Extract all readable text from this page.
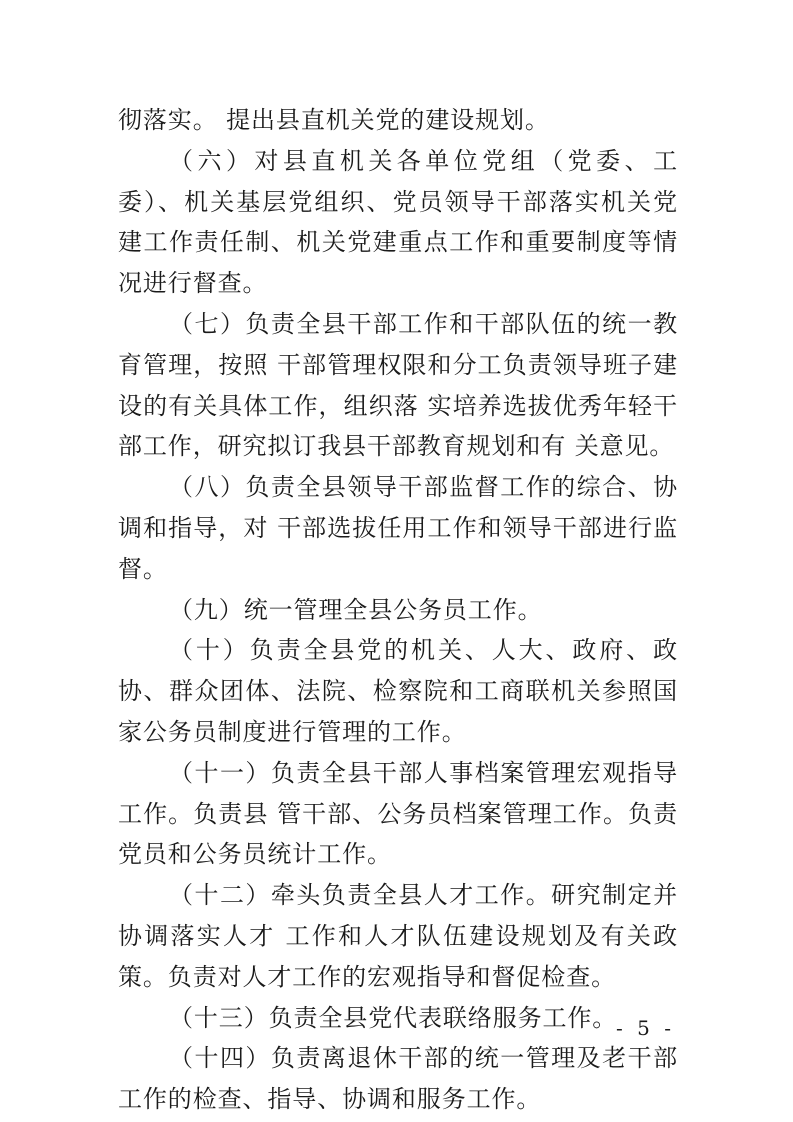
彻落实。 提出县直机关党的建设规划。

（六）对县直机关各单位党组（党委、工委）、机关基层党组织、党员领导干部落实机关党建工作责任制、机关党建重点工作和重要制度等情况进行督查。

（七）负责全县干部工作和干部队伍的统一教育管理，按照 干部管理权限和分工负责领导班子建设的有关具体工作，组织落 实培养选拔优秀年轻干部工作，研究拟订我县干部教育规划和有 关意见。

（八）负责全县领导干部监督工作的综合、协调和指导，对 干部选拔任用工作和领导干部进行监督。

（九）统一管理全县公务员工作。

（十）负责全县党的机关、人大、政府、政协、群众团体、法院、检察院和工商联机关参照国家公务员制度进行管理的工作。

（十一）负责全县干部人事档案管理宏观指导工作。负责县 管干部、公务员档案管理工作。负责党员和公务员统计工作。

（十二）牵头负责全县人才工作。研究制定并协调落实人才 工作和人才队伍建设规划及有关政策。负责对人才工作的宏观指导和督促检查。

（十三）负责全县党代表联络服务工作。

（十四）负责离退休干部的统一管理及老干部工作的检查、指导、协调和服务工作。

- 5 -
